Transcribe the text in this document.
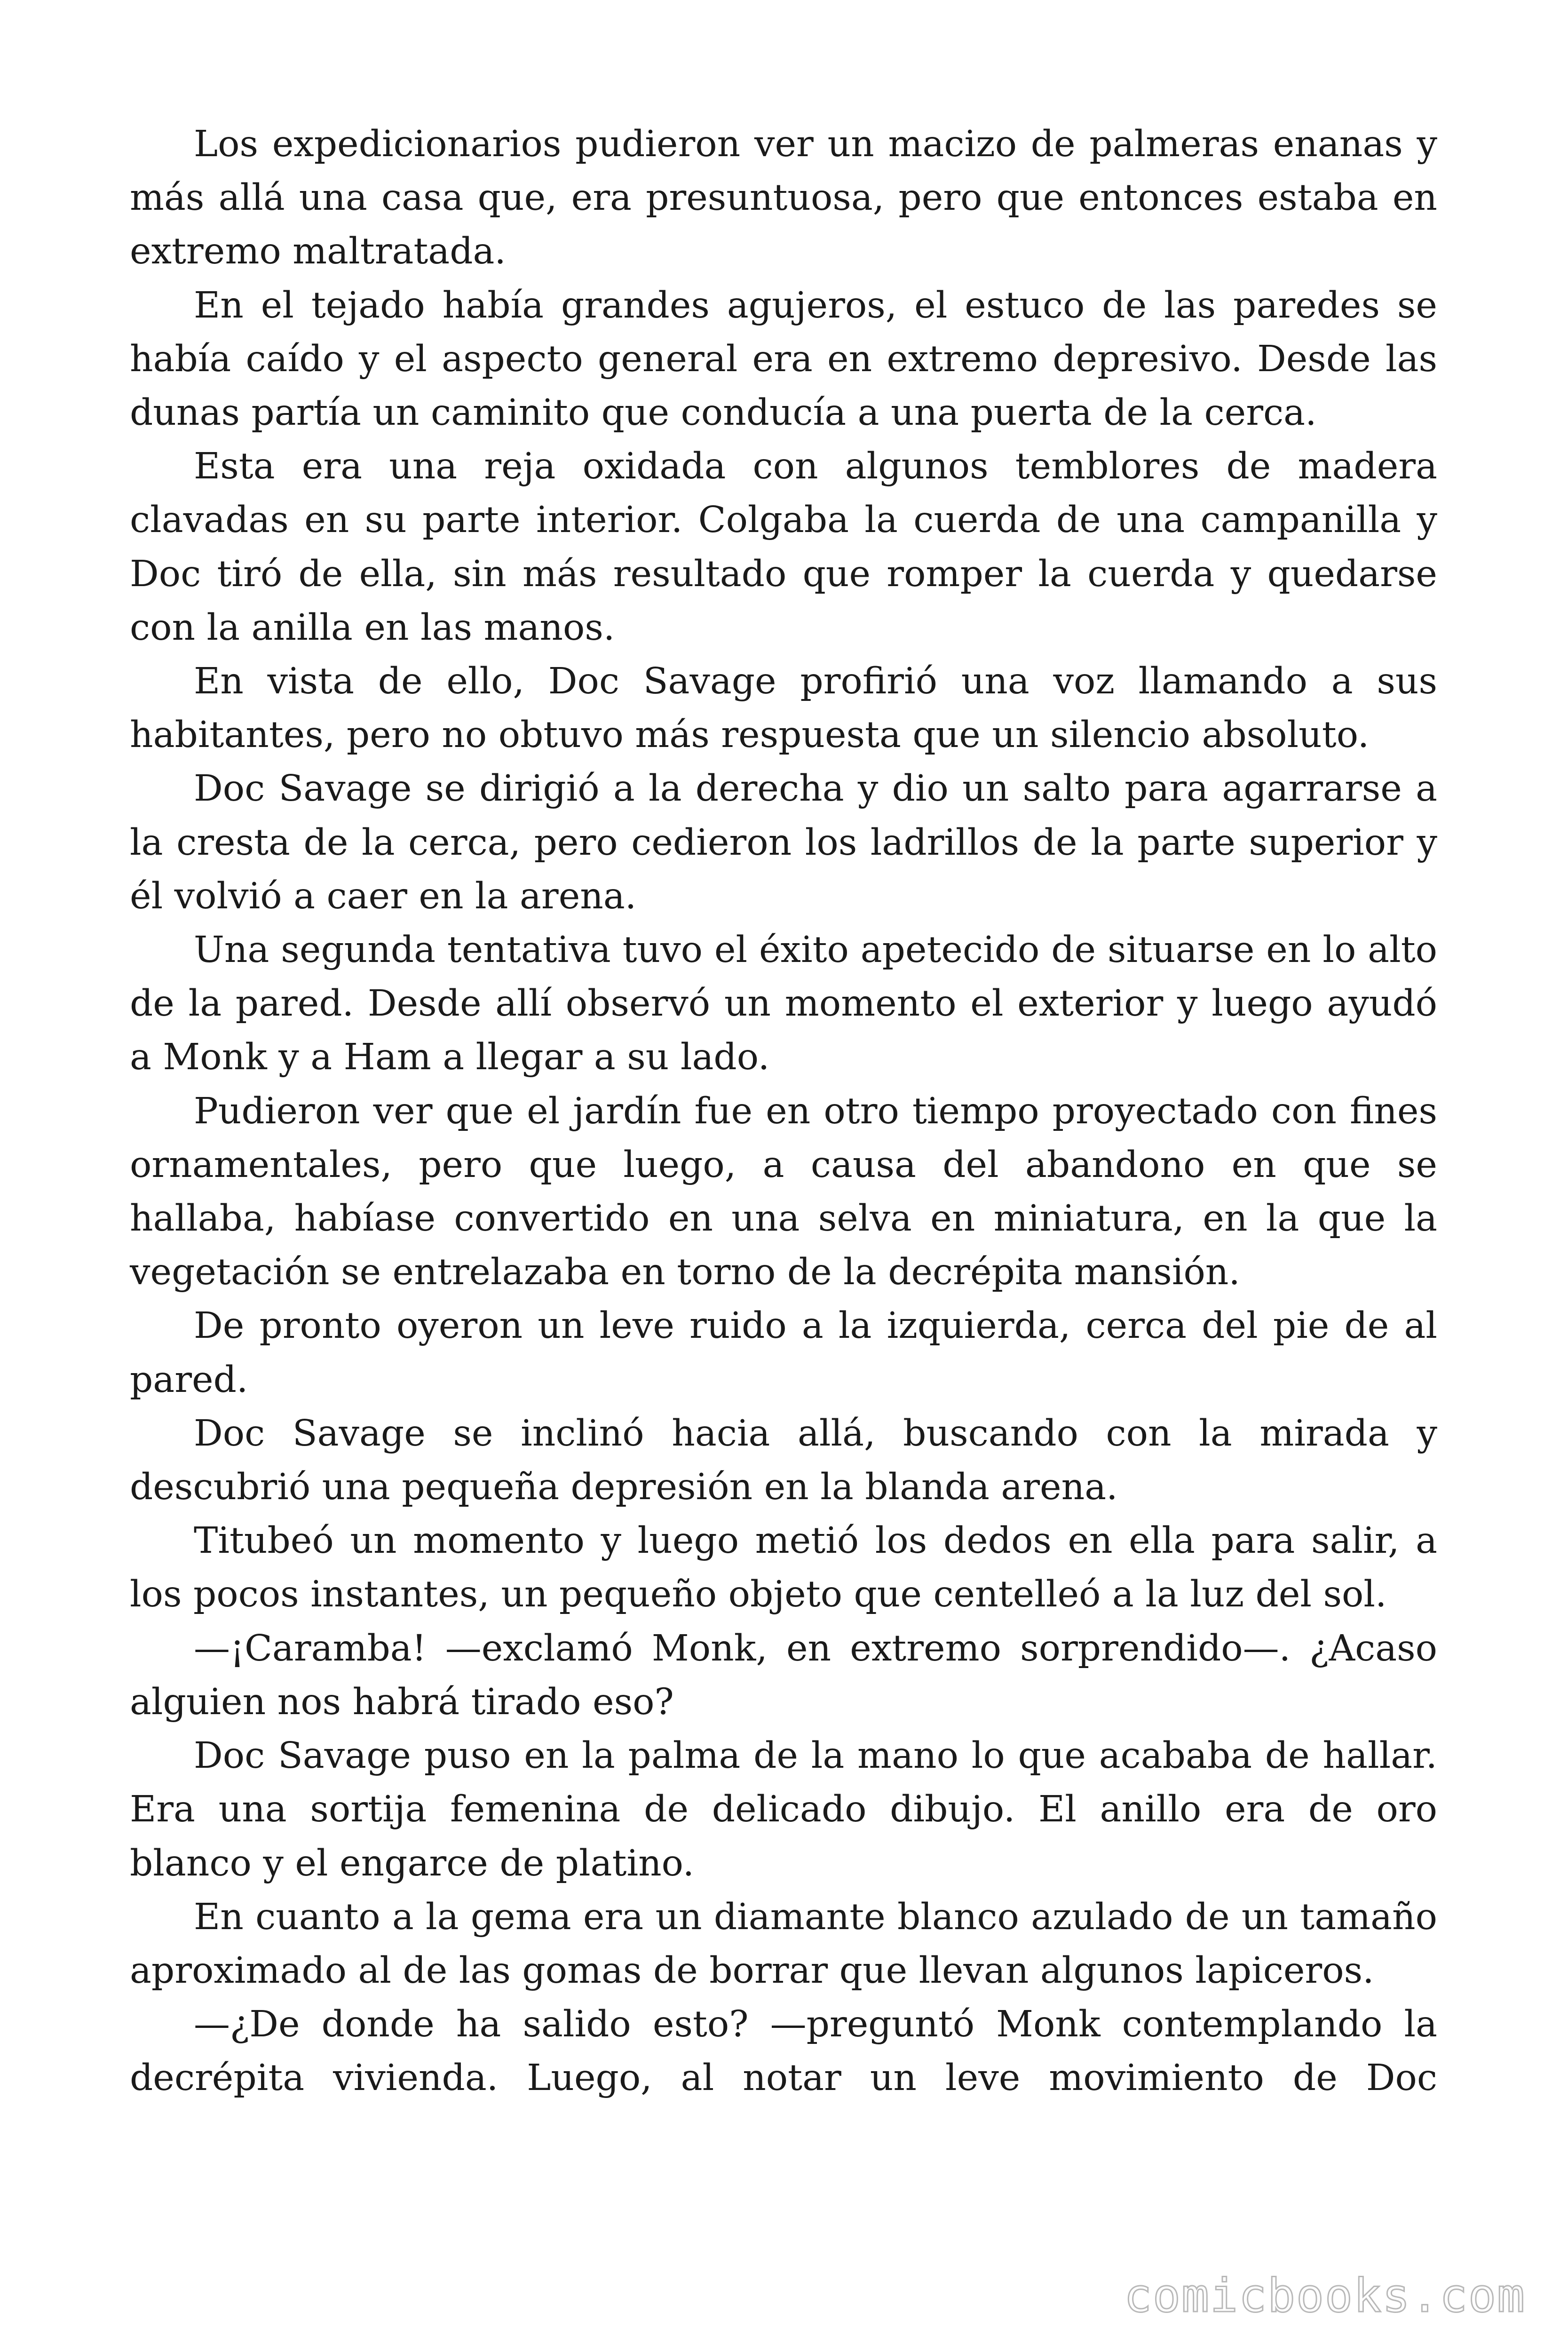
Los expedicionarios pudieron ver un macizo de palmeras enanas y más allá una casa que, era presuntuosa, pero que entonces estaba en extremo maltratada.

En el tejado había grandes agujeros, el estuco de las paredes se había caído y el aspecto general era en extremo depresivo. Desde las dunas partía un caminito que conducía a una puerta de la cerca.

Esta era una reja oxidada con algunos temblores de madera clavadas en su parte interior. Colgaba la cuerda de una campanilla y Doc tiró de ella, sin más resultado que romper la cuerda y quedarse con la anilla en las manos.

En vista de ello, Doc Savage profirió una voz llamando a sus habitantes, pero no obtuvo más respuesta que un silencio absoluto.

Doc Savage se dirigió a la derecha y dio un salto para agarrarse a la cresta de la cerca, pero cedieron los ladrillos de la parte superior y él volvió a caer en la arena.

Una segunda tentativa tuvo el éxito apetecido de situarse en lo alto de la pared. Desde allí observó un momento el exterior y luego ayudó a Monk y a Ham a llegar a su lado.

Pudieron ver que el jardín fue en otro tiempo proyectado con fines ornamentales, pero que luego, a causa del abandono en que se hallaba, habíase convertido en una selva en miniatura, en la que la vegetación se entrelazaba en torno de la decrépita mansión.

De pronto oyeron un leve ruido a la izquierda, cerca del pie de al pared.

Doc Savage se inclinó hacia allá, buscando con la mirada y descubrió una pequeña depresión en la blanda arena.

Titubeó un momento y luego metió los dedos en ella para salir, a los pocos instantes, un pequeño objeto que centelleó a la luz del sol.

—¡Caramba! —exclamó Monk, en extremo sorprendido—. ¿Acaso alguien nos habrá tirado eso?

Doc Savage puso en la palma de la mano lo que acababa de hallar. Era una sortija femenina de delicado dibujo. El anillo era de oro blanco y el engarce de platino.

En cuanto a la gema era un diamante blanco azulado de un tamaño aproximado al de las gomas de borrar que llevan algunos lapiceros.

—¿De donde ha salido esto? —preguntó Monk contemplando la decrépita vivienda. Luego, al notar un leve movimiento de Doc

comicbooks.com
